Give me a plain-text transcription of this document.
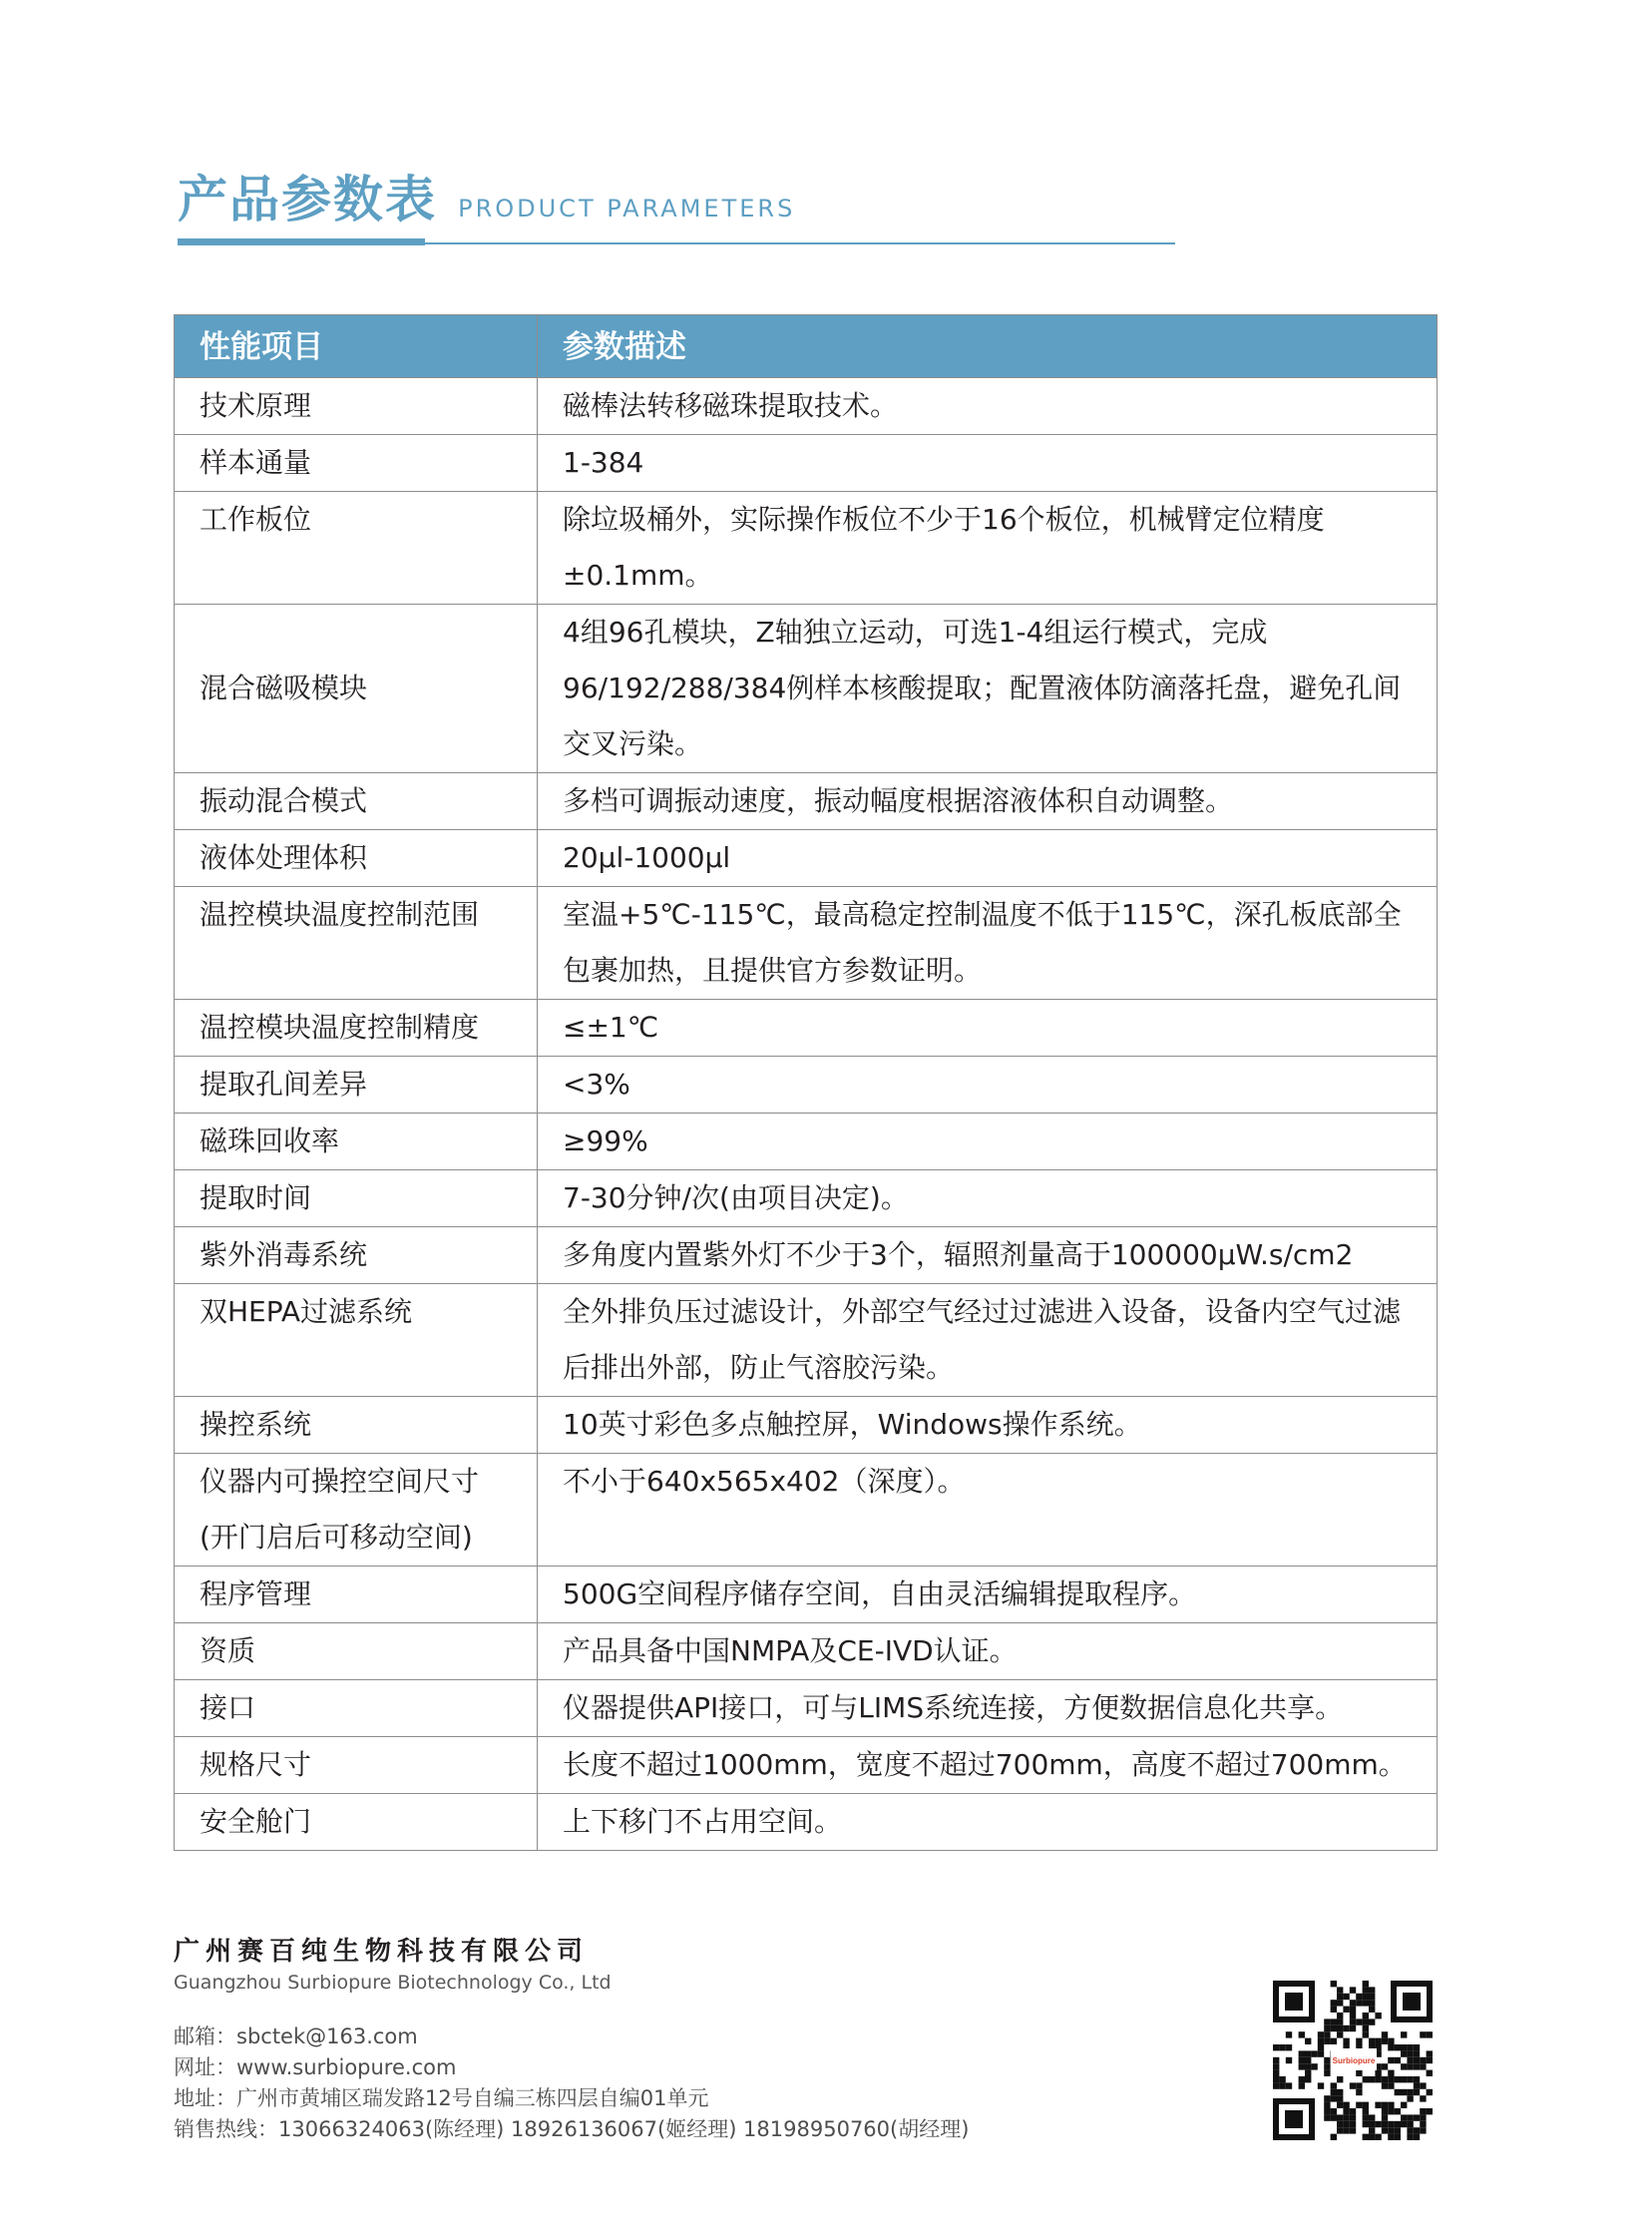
产品参数表 PRODUCT PARAMETERS
性能项目	参数描述
技术原理	磁棒法转移磁珠提取技术。
样本通量	1-384
工作板位	除垃圾桶外，实际操作板位不少于16个板位，机械臂定位精度±0.1mm。
混合磁吸模块	4组96孔模块，Z轴独立运动，可选1-4组运行模式，完成96/192/288/384例样本核酸提取；配置液体防滴落托盘，避免孔间交叉污染。
振动混合模式	多档可调振动速度，振动幅度根据溶液体积自动调整。
液体处理体积	20μl-1000μl
温控模块温度控制范围	室温+5℃-115℃，最高稳定控制温度不低于115℃，深孔板底部全包裹加热，且提供官方参数证明。
温控模块温度控制精度	≤±1℃
提取孔间差异	<3%
磁珠回收率	≥99%
提取时间	7-30分钟/次(由项目决定)。
紫外消毒系统	多角度内置紫外灯不少于3个，辐照剂量高于100000μW.s/cm2
双HEPA过滤系统	全外排负压过滤设计，外部空气经过过滤进入设备，设备内空气过滤后排出外部，防止气溶胶污染。
操控系统	10英寸彩色多点触控屏，Windows操作系统。
仪器内可操控空间尺寸(开门启后可移动空间)	不小于640x565x402（深度）。
程序管理	500G空间程序储存空间，自由灵活编辑提取程序。
资质	产品具备中国NMPA及CE-IVD认证。
接口	仪器提供API接口，可与LIMS系统连接，方便数据信息化共享。
规格尺寸	长度不超过1000mm，宽度不超过700mm，高度不超过700mm。
安全舱门	上下移门不占用空间。
广州赛百纯生物科技有限公司
Guangzhou Surbiopure Biotechnology Co., Ltd
邮箱：sbctek@163.com
网址：www.surbiopure.com
地址：广州市黄埔区瑞发路12号自编三栋四层自编01单元
销售热线：13066324063(陈经理) 18926136067(姬经理) 18198950760(胡经理)
Surbiopure
